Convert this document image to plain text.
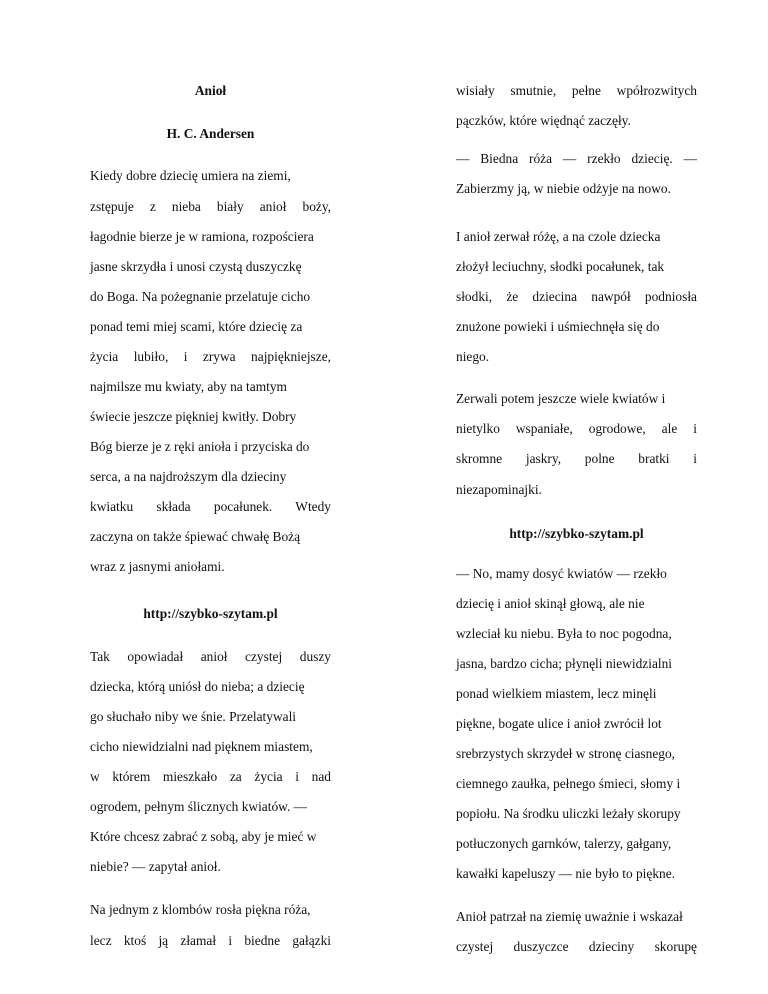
Anioł
H. C. Andersen
Kiedy dobre dziecię umiera na ziemi,
zstępuje z nieba biały anioł boży,
łagodnie bierze je w ramiona, rozpościera
jasne skrzydła i unosi czystą duszyczkę
do Boga. Na pożegnanie przelatuje cicho
ponad temi miej scami, które dziecię za
życia lubiło, i zrywa najpiękniejsze,
najmilsze mu kwiaty, aby na tamtym
świecie jeszcze piękniej kwitły. Dobry
Bóg bierze je z ręki anioła i przyciska do
serca, a na najdroższym dla dzieciny
kwiatku składa pocałunek. Wtedy
zaczyna on także śpiewać chwałę Bożą
wraz z jasnymi aniołami.
http://szybko-szytam.pl
Tak opowiadał anioł czystej duszy
dziecka, którą uniósł do nieba; a dziecię
go słuchało niby we śnie. Przelatywali
cicho niewidzialni nad pięknem miastem,
w którem mieszkało za życia i nad
ogrodem, pełnym ślicznych kwiatów. —
Które chcesz zabrać z sobą, aby je mieć w
niebie? — zapytał anioł.
Na jednym z klombów rosła piękna róża,
lecz ktoś ją złamał i biedne gałązki
wisiały smutnie, pełne wpółrozwitych
pączków, które więdnąć zaczęły.
— Biedna róża — rzekło dziecię. —
Zabierzmy ją, w niebie odżyje na nowo.
I anioł zerwał różę, a na czole dziecka
złożył leciuchny, słodki pocałunek, tak
słodki, że dziecina nawpół podniosła
znużone powieki i uśmiechnęła się do
niego.
Zerwali potem jeszcze wiele kwiatów i
nietylko wspaniałe, ogrodowe, ale i
skromne jaskry, polne bratki i
niezapominajki.
http://szybko-szytam.pl
— No, mamy dosyć kwiatów — rzekło
dziecię i anioł skinął głową, ale nie
wzleciał ku niebu. Była to noc pogodna,
jasna, bardzo cicha; płynęli niewidzialni
ponad wielkiem miastem, lecz minęli
piękne, bogate ulice i anioł zwrócił lot
srebrzystych skrzydeł w stronę ciasnego,
ciemnego zaułka, pełnego śmieci, słomy i
popiołu. Na środku uliczki leżały skorupy
potłuczonych garnków, talerzy, gałgany,
kawałki kapeluszy — nie było to piękne.
Anioł patrzał na ziemię uważnie i wskazał
czystej duszyczce dzieciny skorupę
